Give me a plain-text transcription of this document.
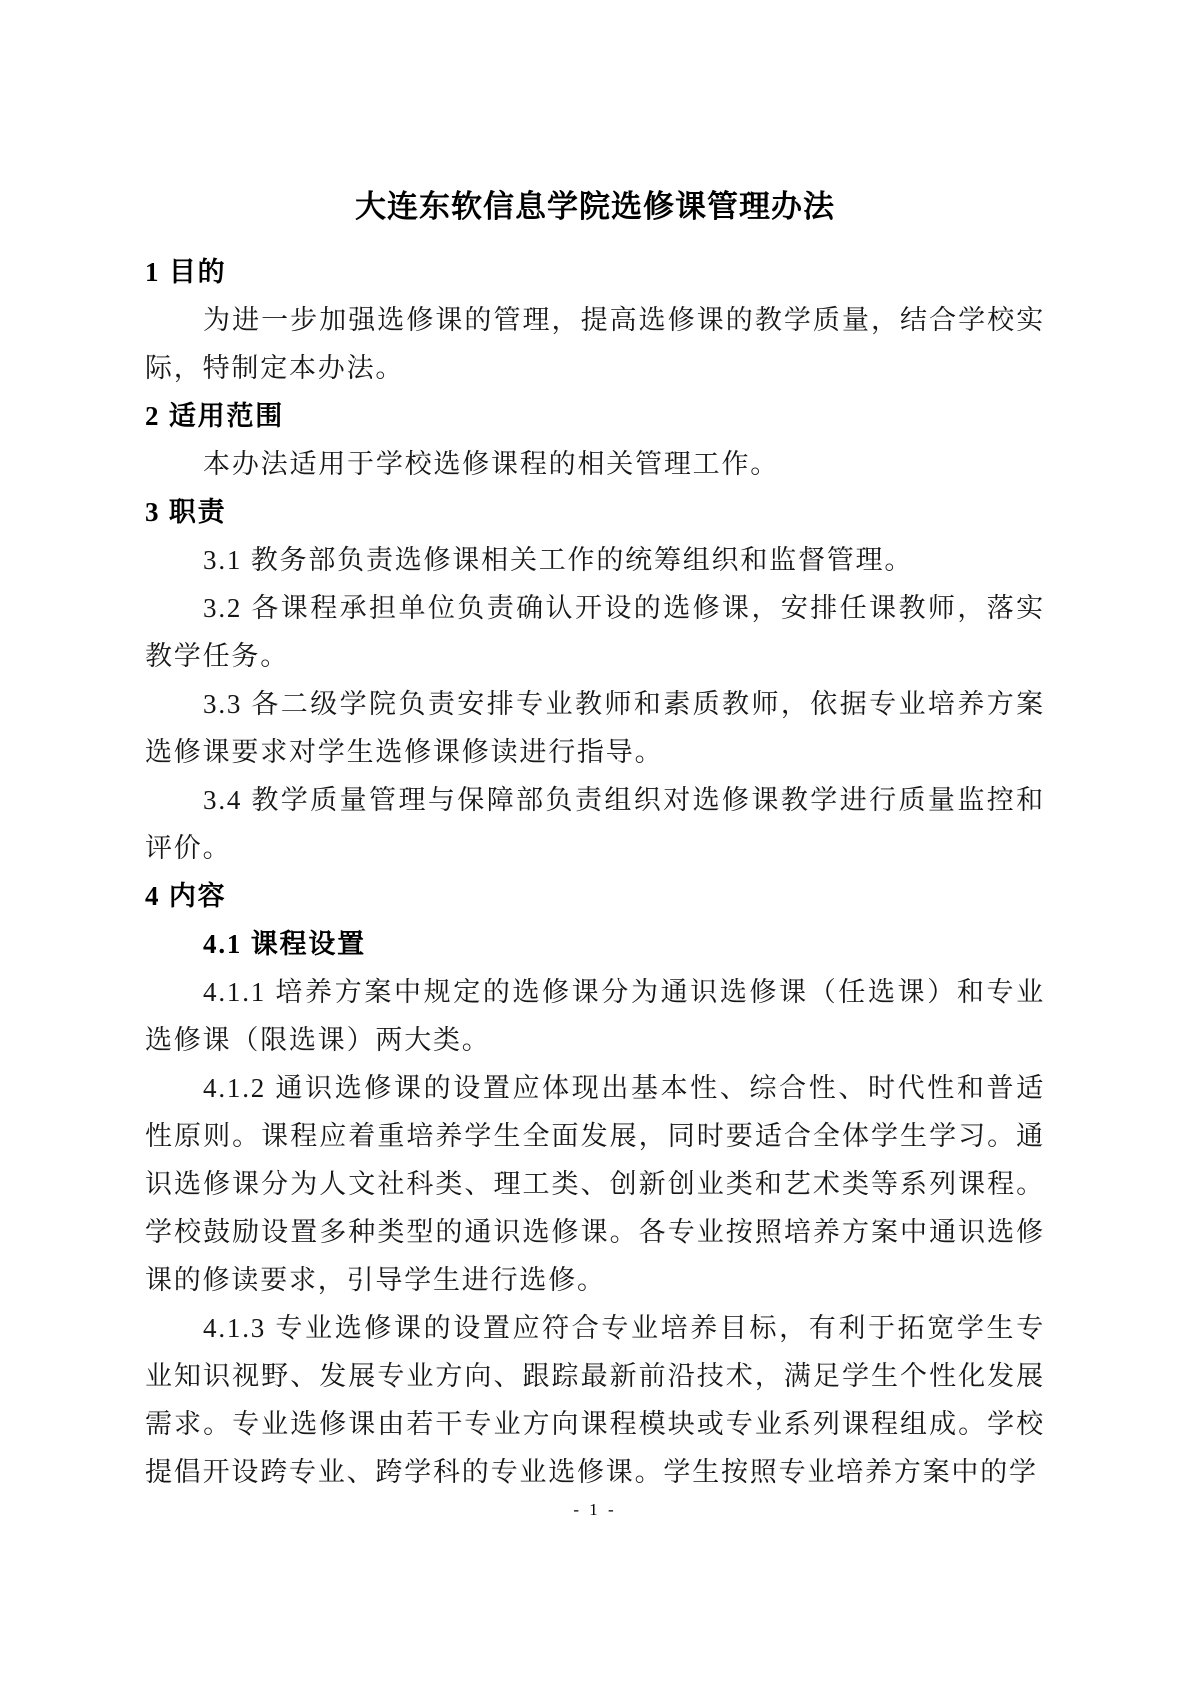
大连东软信息学院选修课管理办法
1 目的
为进一步加强选修课的管理，提高选修课的教学质量，结合学校实际，特制定本办法。
2 适用范围
本办法适用于学校选修课程的相关管理工作。
3 职责
3.1 教务部负责选修课相关工作的统筹组织和监督管理。
3.2 各课程承担单位负责确认开设的选修课，安排任课教师，落实教学任务。
3.3 各二级学院负责安排专业教师和素质教师，依据专业培养方案选修课要求对学生选修课修读进行指导。
3.4 教学质量管理与保障部负责组织对选修课教学进行质量监控和评价。
4 内容
4.1 课程设置
4.1.1 培养方案中规定的选修课分为通识选修课（任选课）和专业选修课（限选课）两大类。
4.1.2 通识选修课的设置应体现出基本性、综合性、时代性和普适性原则。课程应着重培养学生全面发展，同时要适合全体学生学习。通识选修课分为人文社科类、理工类、创新创业类和艺术类等系列课程。学校鼓励设置多种类型的通识选修课。各专业按照培养方案中通识选修课的修读要求，引导学生进行选修。
4.1.3 专业选修课的设置应符合专业培养目标，有利于拓宽学生专业知识视野、发展专业方向、跟踪最新前沿技术，满足学生个性化发展需求。专业选修课由若干专业方向课程模块或专业系列课程组成。学校提倡开设跨专业、跨学科的专业选修课。学生按照专业培养方案中的学
- 1 -
